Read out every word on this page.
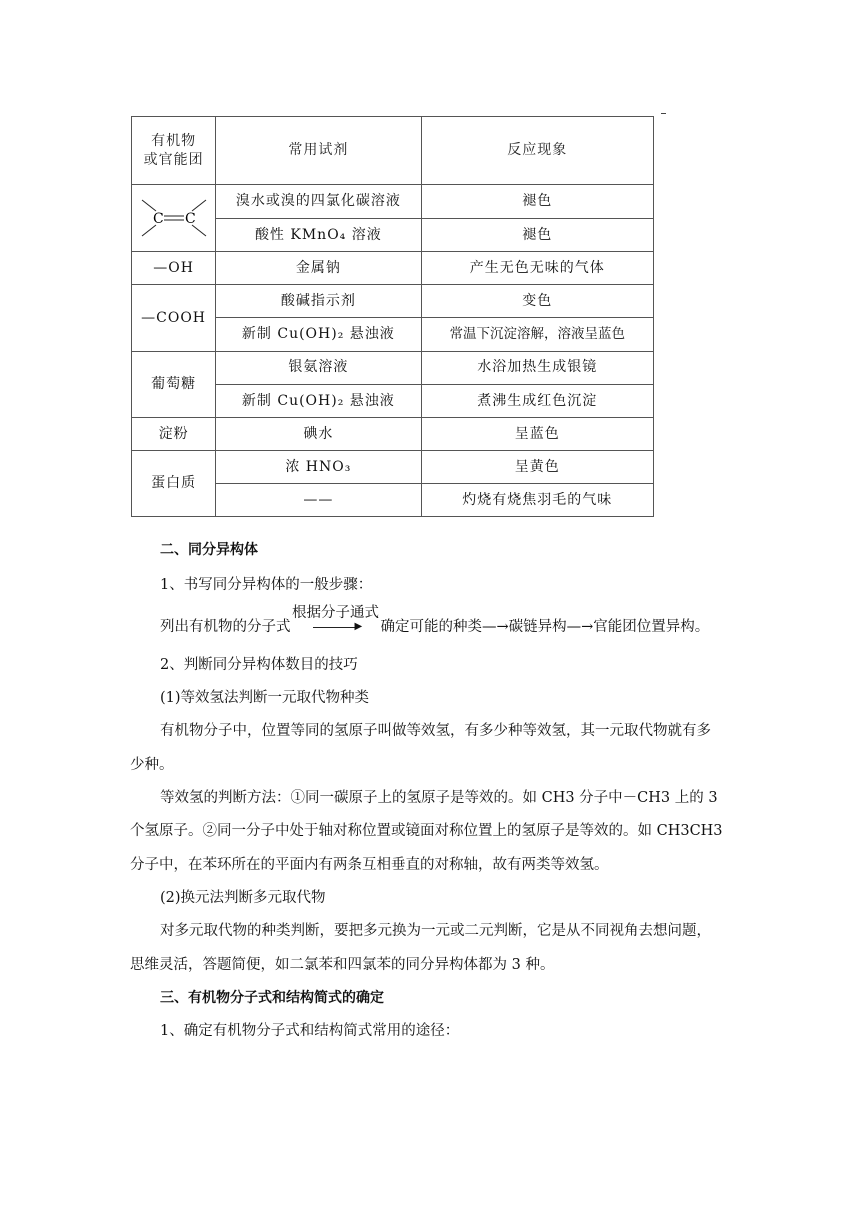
有机物
或官能团	常用试剂	反应现象

C C	溴水或溴的四氯化碳溶液	褪色
	酸性 KMnO₄ 溶液	褪色
—OH	金属钠	产生无色无味的气体
—COOH	酸碱指示剂	变色
	新制 Cu(OH)₂ 悬浊液	常温下沉淀溶解，溶液呈蓝色
葡萄糖	银氨溶液	水浴加热生成银镜
	新制 Cu(OH)₂ 悬浊液	煮沸生成红色沉淀
淀粉	碘水	呈蓝色
蛋白质	浓 HNO₃	呈黄色
	——	灼烧有烧焦羽毛的气味
二、同分异构体
1、书写同分异构体的一般步骤：
列出有机物的分子式
根据分子通式
▶ 确定可能的种类—→碳链异构—→官能团位置异构。
2、判断同分异构体数目的技巧
(1)等效氢法判断一元取代物种类
有机物分子中，位置等同的氢原子叫做等效氢，有多少种等效氢，其一元取代物就有多
少种。
等效氢的判断方法：①同一碳原子上的氢原子是等效的。如 CH3 分子中－CH3 上的 3
个氢原子。②同一分子中处于轴对称位置或镜面对称位置上的氢原子是等效的。如 CH3CH3
分子中，在苯环所在的平面内有两条互相垂直的对称轴，故有两类等效氢。
(2)换元法判断多元取代物
对多元取代物的种类判断，要把多元换为一元或二元判断，它是从不同视角去想问题，
思维灵活，答题简便，如二氯苯和四氯苯的同分异构体都为 3 种。
三、有机物分子式和结构简式的确定
1、确定有机物分子式和结构简式常用的途径：
